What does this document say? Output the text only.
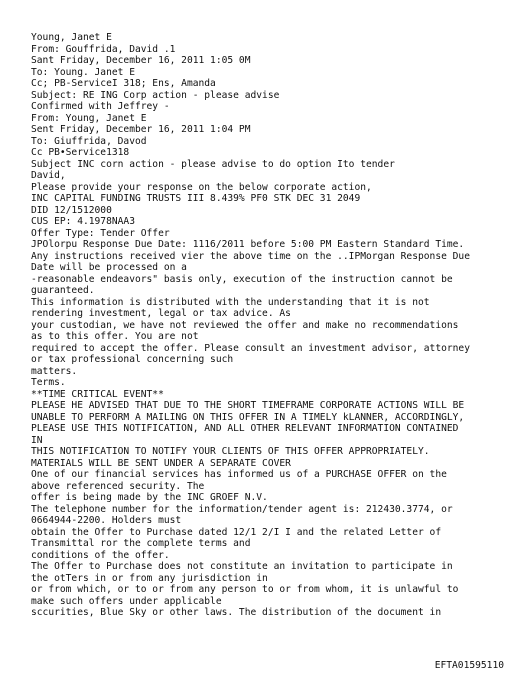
Young, Janet E
From: Gouffrida, David .1
Sant Friday, December 16, 2011 1:05 0M
To: Young. Janet E
Cc; PB-ServiceI 318; Ens, Amanda
Subject: RE ING Corp action - please advise
Confirmed with Jeffrey -
From: Young, Janet E
Sent Friday, December 16, 2011 1:04 PM
To: Giuffrida, Davod
Cc PB•Service1318
Subject INC corn action - please advise to do option Ito tender
David,
Please provide your response on the below corporate action,
INC CAPITAL FUNDING TRUSTS III 8.439% PF0 STK DEC 31 2049
DID 12/1512000
CUS EP: 4.1978NAA3
Offer Type: Tender Offer
JPOlorpu Response Due Date: 1116/2011 before 5:00 PM Eastern Standard Time.
Any instructions received vier the above time on the ..IPMorgan Response Due
Date will be processed on a
-reasonable endeavors" basis only, execution of the instruction cannot be
guaranteed.
This information is distributed with the understanding that it is not
rendering investment, legal or tax advice. As
your custodian, we have not reviewed the offer and make no recommendations
as to this offer. You are not
required to accept the offer. Please consult an investment advisor, attorney
or tax professional concerning such
matters.
Terms.
**TIME CRITICAL EVENT**
PLEASE HE ADVISED THAT DUE TO THE SHORT TIMEFRAME CORPORATE ACTIONS WILL BE
UNABLE TO PERFORM A MAILING ON THIS OFFER IN A TIMELY kLANNER, ACCORDINGLY,
PLEASE USE THIS NOTIFICATION, AND ALL OTHER RELEVANT INFORMATION CONTAINED
IN
THIS NOTIFICATION TO NOTIFY YOUR CLIENTS OF THIS OFFER APPROPRIATELY.
MATERIALS WILL BE SENT UNDER A SEPARATE COVER
One of our financial services has informed us of a PURCHASE OFFER on the
above referenced security. The
offer is being made by the INC GROEF N.V.
The telephone number for the information/tender agent is: 212430.3774, or
0664944-2200. Holders must
obtain the Offer to Purchase dated 12/1 2/I I and the related Letter of
Transmittal ror the complete terms and
conditions of the offer.
The Offer to Purchase does not constitute an invitation to participate in
the otTers in or from any jurisdiction in
or from which, or to or from any person to or from whom, it is unlawful to
make such offers under applicable
sccurities, Blue Sky or other laws. The distribution of the document in
EFTA01595110
